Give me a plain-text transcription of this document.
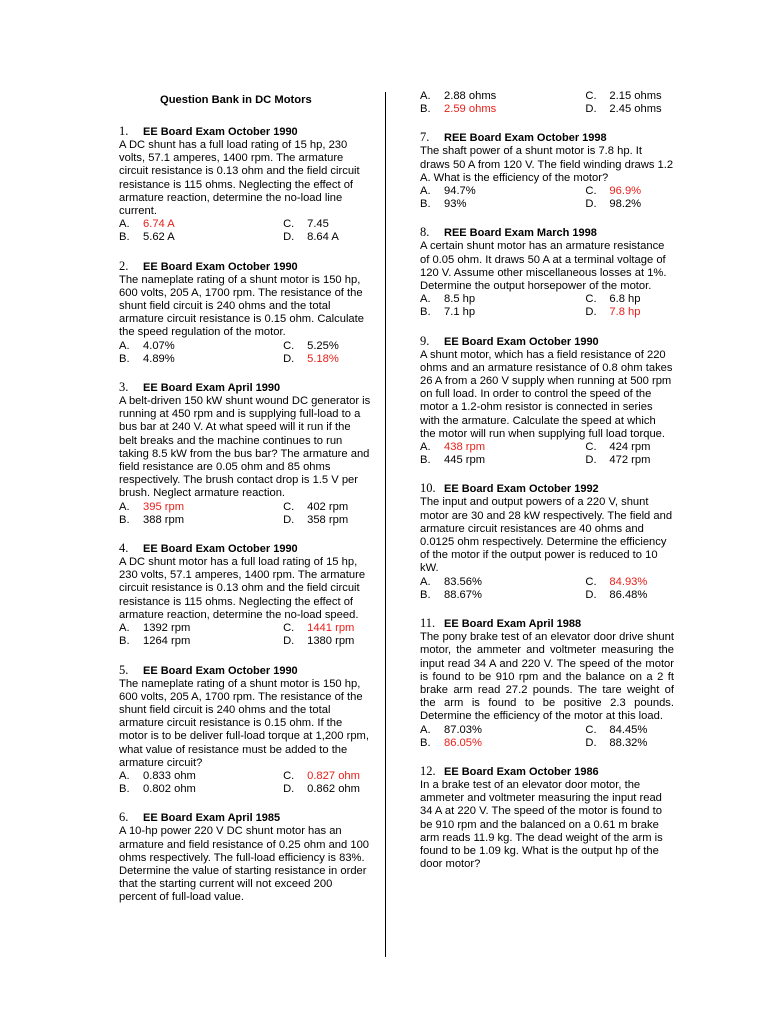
Question Bank in DC Motors
1.	EE Board Exam October 1990
A DC shunt has a full load rating of 15 hp, 230 volts, 57.1 amperes, 1400 rpm. The armature circuit resistance is 0.13 ohm and the field circuit resistance is 115 ohms. Neglecting the effect of armature reaction, determine the no-load line current.
A.	6.74 A	C.	7.45
B.	5.62 A	D.	8.64 A
2.	EE Board Exam October 1990
The nameplate rating of a shunt motor is 150 hp, 600 volts, 205 A, 1700 rpm. The resistance of the shunt field circuit is 240 ohms and the total armature circuit resistance is 0.15 ohm. Calculate the speed regulation of the motor.
A.	4.07%	C.	5.25%
B.	4.89%	D.	5.18%
3.	EE Board Exam April 1990
A belt-driven 150 kW shunt wound DC generator is running at 450 rpm and is supplying full-load to a bus bar at 240 V. At what speed will it run if the belt breaks and the machine continues to run taking 8.5 kW from the bus bar? The armature and field resistance are 0.05 ohm and 85 ohms respectively. The brush contact drop is 1.5 V per brush. Neglect armature reaction.
A.	395 rpm	C.	402 rpm
B.	388 rpm	D.	358 rpm
4.	EE Board Exam October 1990
A DC shunt motor has a full load rating of 15 hp, 230 volts, 57.1 amperes, 1400 rpm. The armature circuit resistance is 0.13 ohm and the field circuit resistance is 115 ohms. Neglecting the effect of armature reaction, determine the no-load speed.
A.	1392 rpm	C.	1441 rpm
B.	1264 rpm	D.	1380 rpm
5.	EE Board Exam October 1990
The nameplate rating of a shunt motor is 150 hp, 600 volts, 205 A, 1700 rpm. The resistance of the shunt field circuit is 240 ohms and the total armature circuit resistance is 0.15 ohm. If the motor is to be deliver full-load torque at 1,200 rpm, what value of resistance must be added to the armature circuit?
A.	0.833 ohm	C.	0.827 ohm
B.	0.802 ohm	D.	0.862 ohm
6.	EE Board Exam April 1985
A 10-hp power 220 V DC shunt motor has an armature and field resistance of 0.25 ohm and 100 ohms respectively. The full-load efficiency is 83%. Determine the value of starting resistance in order that the starting current will not exceed 200 percent of full-load value.
A.	2.88 ohms	C.	2.15 ohms
B.	2.59 ohms	D.	2.45 ohms
7.	REE Board Exam October 1998
The shaft power of a shunt motor is 7.8 hp. It draws 50 A from 120 V. The field winding draws 1.2 A. What is the efficiency of the motor?
A.	94.7%	C.	96.9%
B.	93%	D.	98.2%
8.	REE Board Exam March 1998
A certain shunt motor has an armature resistance of 0.05 ohm. It draws 50 A at a terminal voltage of 120 V. Assume other miscellaneous losses at 1%. Determine the output horsepower of the motor.
A.	8.5 hp	C.	6.8 hp
B.	7.1 hp	D.	7.8 hp
9.	EE Board Exam October 1990
A shunt motor, which has a field resistance of 220 ohms and an armature resistance of 0.8 ohm takes 26 A from a 260 V supply when running at 500 rpm on full load. In order to control the speed of the motor a 1.2-ohm resistor is connected in series with the armature. Calculate the speed at which the motor will run when supplying full load torque.
A.	438 rpm	C.	424 rpm
B.	445 rpm	D.	472 rpm
10. EE Board Exam October 1992
The input and output powers of a 220 V, shunt motor are 30 and 28 kW respectively. The field and armature circuit resistances are 40 ohms and 0.0125 ohm respectively. Determine the efficiency of the motor if the output power is reduced to 10 kW.
A.	83.56%	C.	84.93%
B.	88.67%	D.	86.48%
11. EE Board Exam April 1988
The pony brake test of an elevator door drive shunt motor, the ammeter and voltmeter measuring the input read 34 A and 220 V. The speed of the motor is found to be 910 rpm and the balance on a 2 ft brake arm read 27.2 pounds. The tare weight of the arm is found to be positive 2.3 pounds. Determine the efficiency of the motor at this load.
A.	87.03%	C.	84.45%
B.	86.05%	D.	88.32%
12. EE Board Exam October 1986
In a brake test of an elevator door motor, the ammeter and voltmeter measuring the input read 34 A at 220 V. The speed of the motor is found to be 910 rpm and the balanced on a 0.61 m brake arm reads 11.9 kg. The dead weight of the arm is found to be 1.09 kg. What is the output hp of the door motor?
